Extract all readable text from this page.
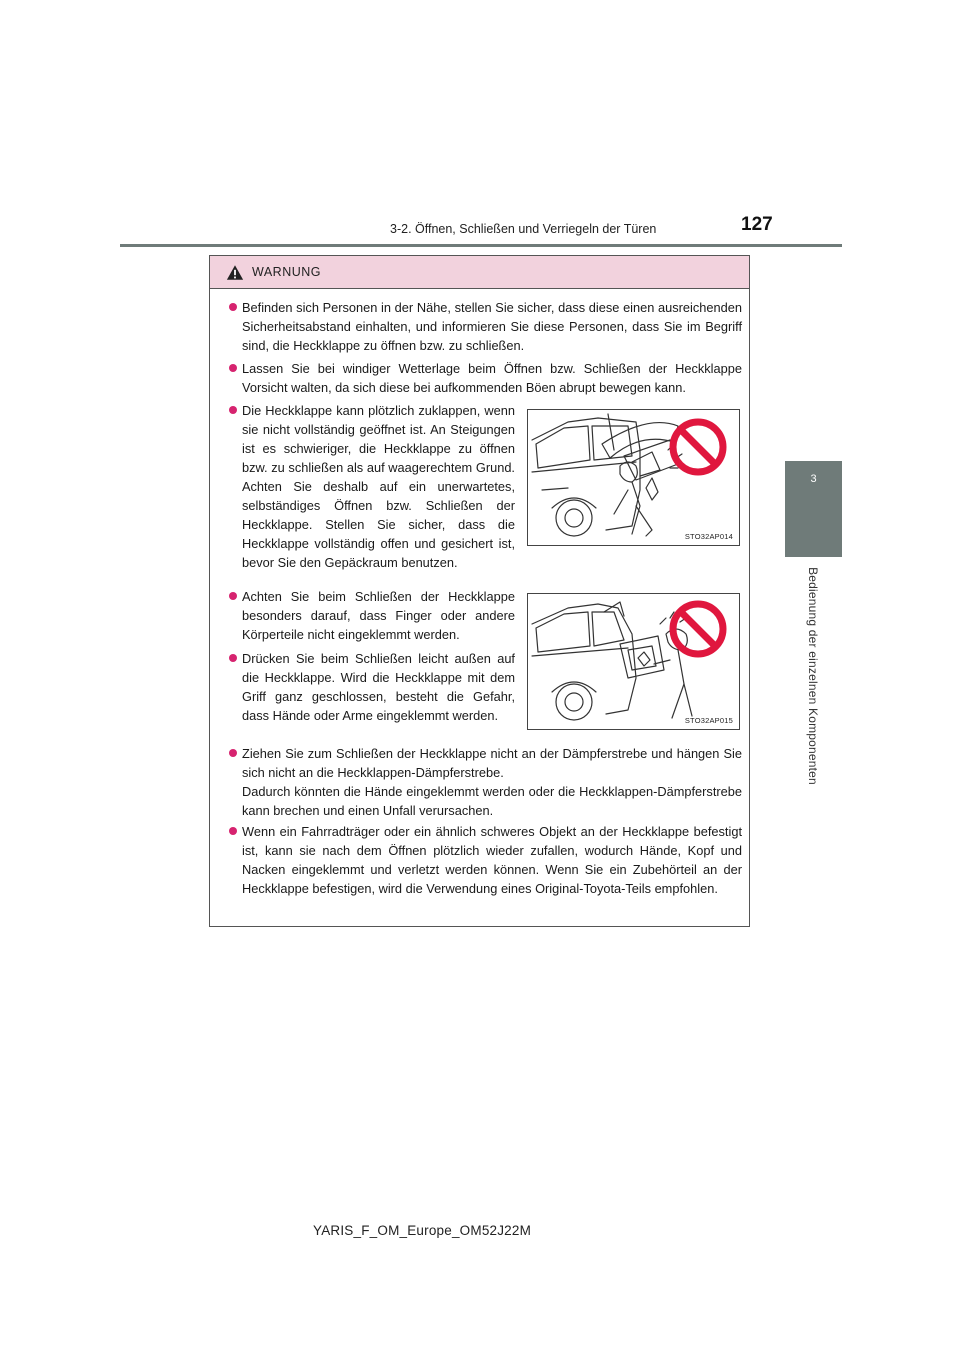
3-2. Öffnen, Schließen und Verriegeln der Türen	127
3
Bedienung der einzelnen Komponenten
WARNUNG
Befinden sich Personen in der Nähe, stellen Sie sicher, dass diese einen ausreichenden Sicherheitsabstand einhalten, und informieren Sie diese Personen, dass Sie im Begriff sind, die Heckklappe zu öffnen bzw. zu schließen.
Lassen Sie bei windiger Wetterlage beim Öffnen bzw. Schließen der Heckklappe Vorsicht walten, da sich diese bei aufkommenden Böen abrupt bewegen kann.
Die Heckklappe kann plötzlich zuklappen, wenn sie nicht vollständig geöffnet ist. An Steigungen ist es schwieriger, die Heckklappe zu öffnen bzw. zu schließen als auf waagerechtem Grund. Achten Sie deshalb auf ein unerwartetes, selbständiges Öffnen bzw. Schließen der Heckklappe. Stellen Sie sicher, dass die Heckklappe vollständig offen und gesichert ist, bevor Sie den Gepäckraum benutzen.
Achten Sie beim Schließen der Heckklappe besonders darauf, dass Finger oder andere Körperteile nicht eingeklemmt werden.
Drücken Sie beim Schließen leicht außen auf die Heckklappe. Wird die Heckklappe mit dem Griff ganz geschlossen, besteht die Gefahr, dass Hände oder Arme eingeklemmt werden.
Ziehen Sie zum Schließen der Heckklappe nicht an der Dämpferstrebe und hängen Sie sich nicht an die Heckklappen-Dämpferstrebe.
Dadurch könnten die Hände eingeklemmt werden oder die Heckklappen-Dämpferstrebe kann brechen und einen Unfall verursachen.
Wenn ein Fahrradträger oder ein ähnlich schweres Objekt an der Heckklappe befestigt ist, kann sie nach dem Öffnen plötzlich wieder zufallen, wodurch Hände, Kopf und Nacken eingeklemmt und verletzt werden können. Wenn Sie ein Zubehörteil an der Heckklappe befestigen, wird die Verwendung eines Original-Toyota-Teils empfohlen.
STO32AP014
STO32AP015
YARIS_F_OM_Europe_OM52J22M
